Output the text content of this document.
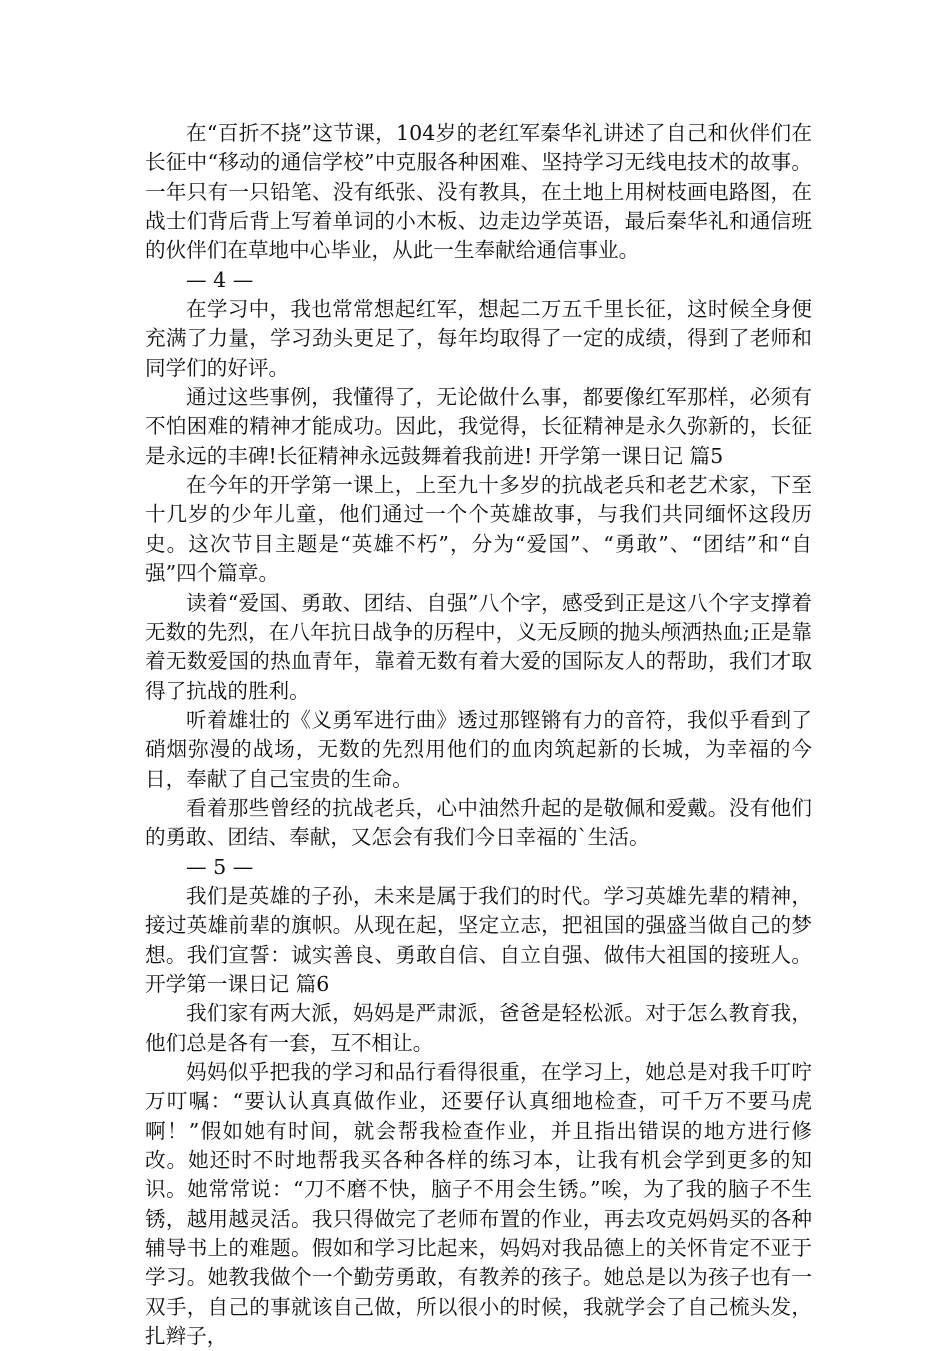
在“百折不挠”这节课，104岁的老红军秦华礼讲述了自己和伙伴们在长征中“移动的通信学校”中克服各种困难、坚持学习无线电技术的故事。一年只有一只铅笔、没有纸张、没有教具，在土地上用树枝画电路图，在战士们背后背上写着单词的小木板、边走边学英语，最后秦华礼和通信班的伙伴们在草地中心毕业，从此一生奉献给通信事业。

— 4 —

在学习中，我也常常想起红军，想起二万五千里长征，这时候全身便充满了力量，学习劲头更足了，每年均取得了一定的成绩，得到了老师和同学们的好评。

通过这些事例，我懂得了，无论做什么事，都要像红军那样，必须有不怕困难的精神才能成功。因此，我觉得，长征精神是永久弥新的，长征是永远的丰碑!长征精神永远鼓舞着我前进! 开学第一课日记 篇5

在今年的开学第一课上，上至九十多岁的抗战老兵和老艺术家，下至十几岁的少年儿童，他们通过一个个英雄故事，与我们共同缅怀这段历史。这次节目主题是“英雄不朽”，分为“爱国”、“勇敢”、“团结”和“自强”四个篇章。

读着“爱国、勇敢、团结、自强”八个字，感受到正是这八个字支撑着无数的先烈，在八年抗日战争的历程中，义无反顾的抛头颅洒热血;正是靠着无数爱国的热血青年，靠着无数有着大爱的国际友人的帮助，我们才取得了抗战的胜利。

听着雄壮的《义勇军进行曲》透过那铿锵有力的音符，我似乎看到了硝烟弥漫的战场，无数的先烈用他们的血肉筑起新的长城，为幸福的今日，奉献了自己宝贵的生命。

看着那些曾经的抗战老兵，心中油然升起的是敬佩和爱戴。没有他们的勇敢、团结、奉献，又怎会有我们今日幸福的`生活。

— 5 —

我们是英雄的子孙，未来是属于我们的时代。学习英雄先辈的精神，接过英雄前辈的旗帜。从现在起，坚定立志，把祖国的强盛当做自己的梦想。我们宣誓：诚实善良、勇敢自信、自立自强、做伟大祖国的接班人。 开学第一课日记 篇6

我们家有两大派，妈妈是严肃派，爸爸是轻松派。对于怎么教育我，他们总是各有一套，互不相让。

妈妈似乎把我的学习和品行看得很重，在学习上，她总是对我千叮咛万叮嘱：“要认认真真做作业，还要仔认真细地检查，可千万不要马虎啊！”假如她有时间，就会帮我检查作业，并且指出错误的地方进行修改。她还时不时地帮我买各种各样的练习本，让我有机会学到更多的知识。她常常说：“刀不磨不快，脑子不用会生锈。”唉，为了我的脑子不生锈，越用越灵活。我只得做完了老师布置的作业，再去攻克妈妈买的各种辅导书上的难题。假如和学习比起来，妈妈对我品德上的关怀肯定不亚于学习。她教我做个一个勤劳勇敢，有教养的孩子。她总是以为孩子也有一双手，自己的事就该自己做，所以很小的时候，我就学会了自己梳头发，扎辫子，
